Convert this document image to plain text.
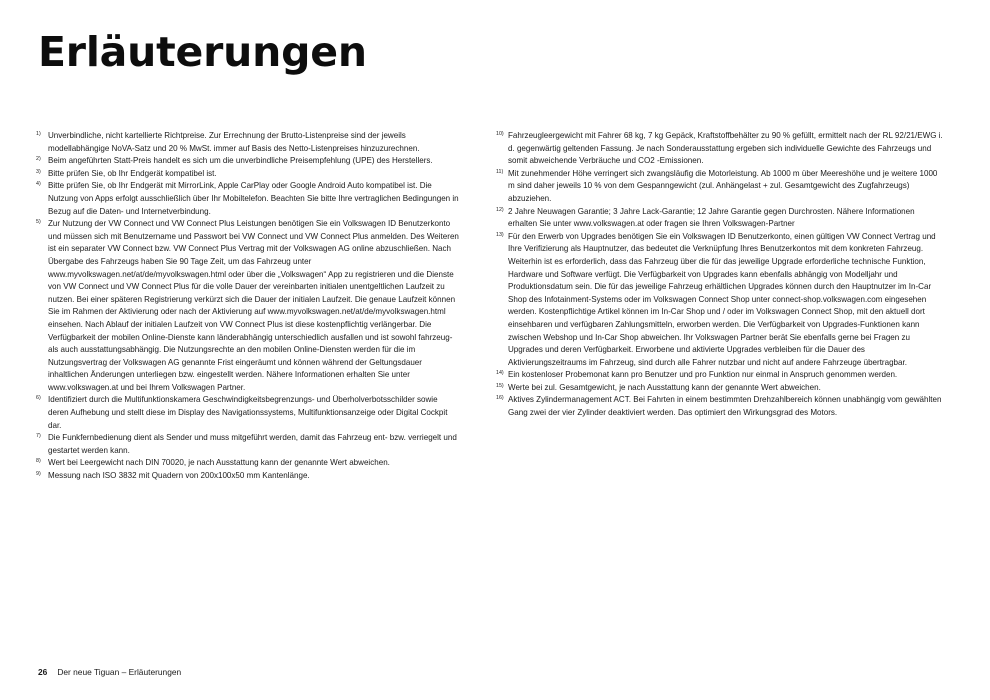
Erläuterungen
1) Unverbindliche, nicht kartellierte Richtpreise. Zur Errechnung der Brutto-Listenpreise sind der jeweils modellabhängige NoVA-Satz und 20 % MwSt. immer auf Basis des Netto-Listenpreises hinzuzurechnen.
2) Beim angeführten Statt-Preis handelt es sich um die unverbindliche Preisempfehlung (UPE) des Herstellers.
3) Bitte prüfen Sie, ob Ihr Endgerät kompatibel ist.
4) Bitte prüfen Sie, ob Ihr Endgerät mit MirrorLink, Apple CarPlay oder Google Android Auto kompatibel ist. Die Nutzung von Apps erfolgt ausschließlich über Ihr Mobiltelefon. Beachten Sie bitte Ihre vertraglichen Bedingungen in Bezug auf die Daten- und Internetverbindung.
5) Zur Nutzung der VW Connect und VW Connect Plus Leistungen benötigen Sie ein Volkswagen ID Benutzerkonto und müssen sich mit Benutzername und Passwort bei VW Connect und VW Connect Plus anmelden. Des Weiteren ist ein separater VW Connect bzw. VW Connect Plus Vertrag mit der Volkswagen AG online abzuschließen. Nach Übergabe des Fahrzeugs haben Sie 90 Tage Zeit, um das Fahrzeug unter www.myvolkswagen.net/at/de/myvolkswagen.html oder über die „Volkswagen“ App zu registrieren und die Dienste von VW Connect und VW Connect Plus für die volle Dauer der vereinbarten initialen unentgeltlichen Laufzeit zu nutzen. Bei einer späteren Registrierung verkürzt sich die Dauer der initialen Laufzeit. Die genaue Laufzeit können Sie im Rahmen der Aktivierung oder nach der Aktivierung auf www.myvolkswagen.net/at/de/myvolkswagen.html einsehen. Nach Ablauf der initialen Laufzeit von VW Connect Plus ist diese kostenpflichtig verlängerbar. Die Verfügbarkeit der mobilen Online-Dienste kann länderabhängig unterschiedlich ausfallen und ist sowohl fahrzeug- als auch ausstattungsabhängig. Die Nutzungsrechte an den mobilen Online-Diensten werden für die im Nutzungsvertrag der Volkswagen AG genannte Frist eingeräumt und können während der Geltungsdauer inhaltlichen Änderungen unterliegen bzw. eingestellt werden. Nähere Informationen erhalten Sie unter www.volkswagen.at und bei Ihrem Volkswagen Partner.
6) Identifiziert durch die Multifunktionskamera Geschwindigkeitsbegrenzungs- und Überholverbotsschilder sowie deren Aufhebung und stellt diese im Display des Navigationssystems, Multifunktionsanzeige oder Digital Cockpit dar.
7) Die Funkfernbedienung dient als Sender und muss mitgeführt werden, damit das Fahrzeug ent- bzw. verriegelt und gestartet werden kann.
8) Wert bei Leergewicht nach DIN 70020, je nach Ausstattung kann der genannte Wert abweichen.
9) Messung nach ISO 3832 mit Quadern von 200x100x50 mm Kantenlänge.
10) Fahrzeugleergewicht mit Fahrer 68 kg, 7 kg Gepäck, Kraftstoffbehälter zu 90 % gefüllt, ermittelt nach der RL 92/21/EWG i. d. gegenwärtig geltenden Fassung. Je nach Sonderausstattung ergeben sich individuelle Gewichte des Fahrzeugs und somit abweichende Verbräuche und CO2 -Emissionen.
11) Mit zunehmender Höhe verringert sich zwangsläufig die Motorleistung. Ab 1000 m über Meereshöhe und je weitere 1000 m sind daher jeweils 10 % von dem Gespanngewicht (zul. Anhängelast + zul. Gesamtgewicht des Zugfahrzeugs) abzuziehen.
12) 2 Jahre Neuwagen Garantie; 3 Jahre Lack-Garantie; 12 Jahre Garantie gegen Durchrosten. Nähere Informationen erhalten Sie unter www.volkswagen.at oder fragen sie Ihren Volkswagen-Partner
13) Für den Erwerb von Upgrades benötigen Sie ein Volkswagen ID Benutzerkonto, einen gültigen VW Connect Vertrag und Ihre Verifizierung als Hauptnutzer, das bedeutet die Verknüpfung Ihres Benutzerkontos mit dem konkreten Fahrzeug. Weiterhin ist es erforderlich, dass das Fahrzeug über die für das jeweilige Upgrade erforderliche technische Funktion, Hardware und Software verfügt. Die Verfügbarkeit von Upgrades kann ebenfalls abhängig von Modelljahr und Produktionsdatum sein. Die für das jeweilige Fahrzeug erhältlichen Upgrades können durch den Hauptnutzer im In-Car Shop des Infotainment-Systems oder im Volkswagen Connect Shop unter connect-shop.volkswagen.com eingesehen werden. Kostenpflichtige Artikel können im In-Car Shop und / oder im Volkswagen Connect Shop, mit den aktuell dort einsehbaren und verfügbaren Zahlungsmitteln, erworben werden. Die Verfügbarkeit von Upgrades-Funktionen kann zwischen Webshop und In-Car Shop abweichen. Ihr Volkswagen Partner berät Sie ebenfalls gerne bei Fragen zu Upgrades und deren Verfügbarkeit. Erworbene und aktivierte Upgrades verbleiben für die Dauer des Aktivierungszeitraums im Fahrzeug, sind durch alle Fahrer nutzbar und nicht auf andere Fahrzeuge übertragbar.
14) Ein kostenloser Probemonat kann pro Benutzer und pro Funktion nur einmal in Anspruch genommen werden.
15) Werte bei zul. Gesamtgewicht, je nach Ausstattung kann der genannte Wert abweichen.
16) Aktives Zylindermanagement ACT. Bei Fahrten in einem bestimmten Drehzahlbereich können unabhängig vom gewählten Gang zwei der vier Zylinder deaktiviert werden. Das optimiert den Wirkungsgrad des Motors.
26 Der neue Tiguan – Erläuterungen
